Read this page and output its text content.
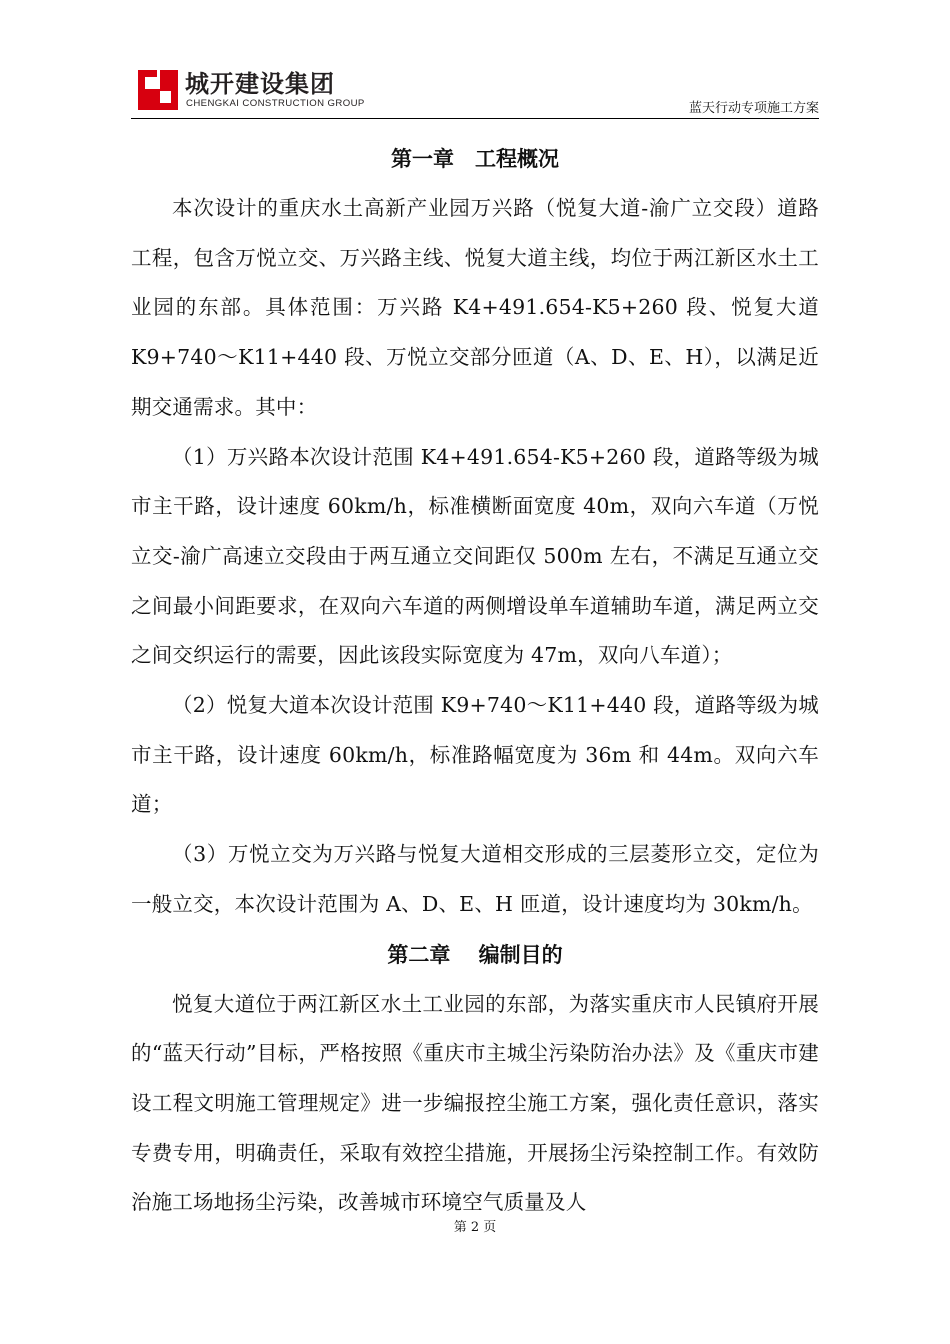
城开建设集团
CHENGKAI CONSTRUCTION GROUP	蓝天行动专项施工方案
第一章　工程概况

本次设计的重庆水土高新产业园万兴路（悦复大道-渝广立交段）道路工程，包含万悦立交、万兴路主线、悦复大道主线，均位于两江新区水土工业园的东部。具体范围：万兴路 K4+491.654-K5+260 段、悦复大道 K9+740～K11+440 段、万悦立交部分匝道（A、D、E、H），以满足近期交通需求。其中：

（1）万兴路本次设计范围 K4+491.654-K5+260 段，道路等级为城市主干路，设计速度 60km/h，标准横断面宽度 40m，双向六车道（万悦立交-渝广高速立交段由于两互通立交间距仅 500m 左右，不满足互通立交之间最小间距要求，在双向六车道的两侧增设单车道辅助车道，满足两立交之间交织运行的需要，因此该段实际宽度为 47m，双向八车道）；

（2）悦复大道本次设计范围 K9+740～K11+440 段，道路等级为城市主干路，设计速度 60km/h，标准路幅宽度为 36m 和 44m。双向六车道；

（3）万悦立交为万兴路与悦复大道相交形成的三层菱形立交，定位为一般立交，本次设计范围为 A、D、E、H 匝道，设计速度均为 30km/h。

第二章　 编制目的

悦复大道位于两江新区水土工业园的东部，为落实重庆市人民镇府开展的“蓝天行动”目标，严格按照《重庆市主城尘污染防治办法》及《重庆市建设工程文明施工管理规定》进一步编报控尘施工方案，强化责任意识，落实专费专用，明确责任，采取有效控尘措施，开展扬尘污染控制工作。有效防治施工场地扬尘污染，改善城市环境空气质量及人

第 2 页
